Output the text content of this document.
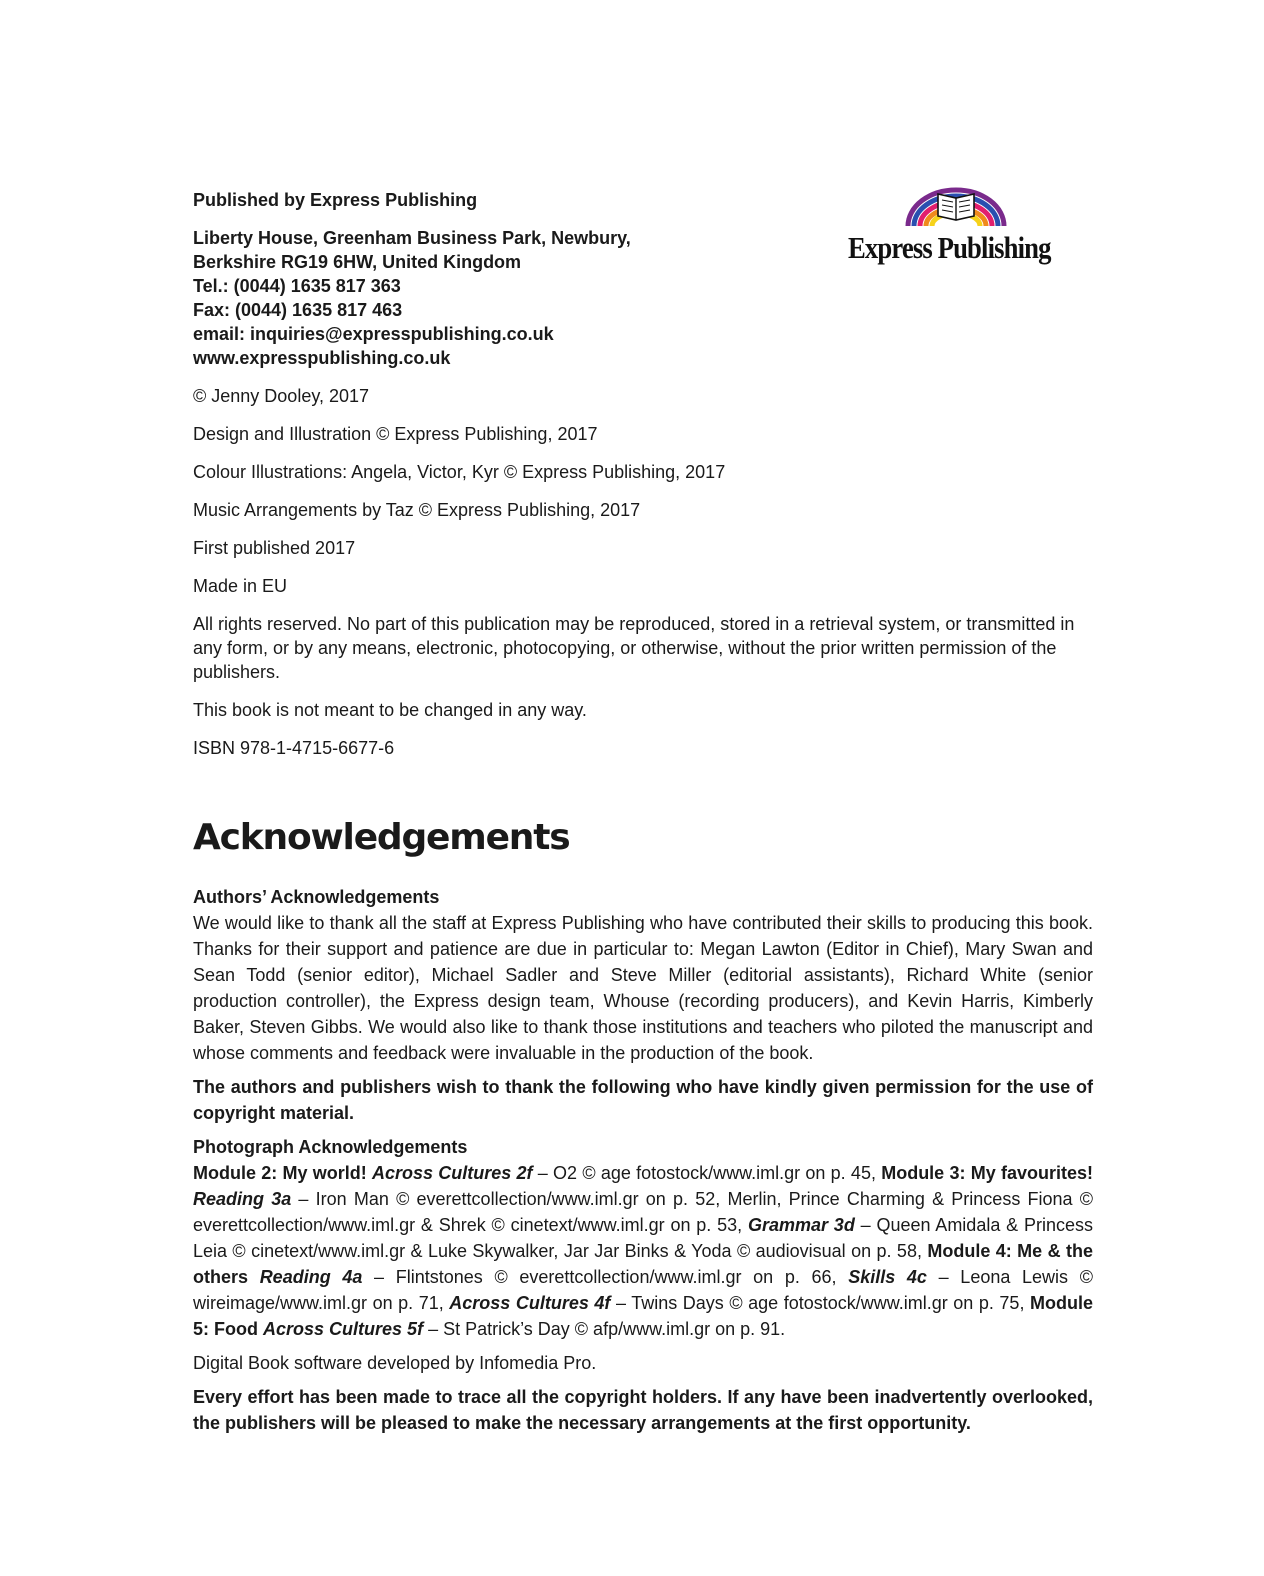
Express Publishing

Published by Express Publishing

Liberty House, Greenham Business Park, Newbury,
Berkshire RG19 6HW, United Kingdom
Tel.: (0044) 1635 817 363
Fax: (0044) 1635 817 463
email: inquiries@expresspublishing.co.uk
www.expresspublishing.co.uk

© Jenny Dooley, 2017

Design and Illustration © Express Publishing, 2017

Colour Illustrations: Angela, Victor, Kyr © Express Publishing, 2017

Music Arrangements by Taz © Express Publishing, 2017

First published 2017

Made in EU

All rights reserved. No part of this publication may be reproduced, stored in a retrieval system, or transmitted in any form, or by any means, electronic, photocopying, or otherwise, without the prior written permission of the publishers.

This book is not meant to be changed in any way.

ISBN 978-1-4715-6677-6

Acknowledgements

Authors’ Acknowledgements

We would like to thank all the staff at Express Publishing who have contributed their skills to producing this book. Thanks for their support and patience are due in particular to: Megan Lawton (Editor in Chief), Mary Swan and Sean Todd (senior editor), Michael Sadler and Steve Miller (editorial assistants), Richard White (senior production controller), the Express design team, Whouse (recording producers), and Kevin Harris, Kimberly Baker, Steven Gibbs. We would also like to thank those institutions and teachers who piloted the manuscript and whose comments and feedback were invaluable in the production of the book.

The authors and publishers wish to thank the following who have kindly given permission for the use of copyright material.

Photograph Acknowledgements

Module 2: My world! Across Cultures 2f – O2 © age fotostock/www.iml.gr on p. 45, Module 3: My favourites! Reading 3a – Iron Man © everettcollection/www.iml.gr on p. 52, Merlin, Prince Charming & Princess Fiona © everettcollection/www.iml.gr & Shrek © cinetext/www.iml.gr on p. 53, Grammar 3d – Queen Amidala & Princess Leia © cinetext/www.iml.gr & Luke Skywalker, Jar Jar Binks & Yoda © audiovisual on p. 58, Module 4: Me & the others Reading 4a – Flintstones © everettcollection/www.iml.gr on p. 66, Skills 4c – Leona Lewis © wireimage/www.iml.gr on p. 71, Across Cultures 4f – Twins Days © age fotostock/www.iml.gr on p. 75, Module 5: Food Across Cultures 5f – St Patrick’s Day © afp/www.iml.gr on p. 91.

Digital Book software developed by Infomedia Pro.

Every effort has been made to trace all the copyright holders. If any have been inadvertently overlooked, the publishers will be pleased to make the necessary arrangements at the first opportunity.
